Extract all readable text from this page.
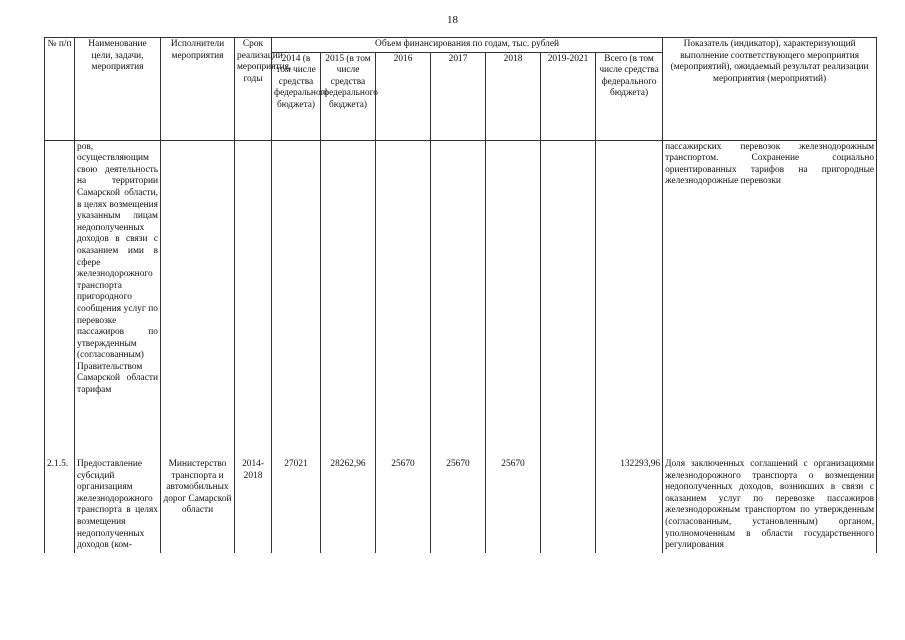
18
№ п/п	Наименование цели, задачи, мероприятия	Исполнители мероприятия	Срок реализации мероприятия, годы	Объем финансирования по годам, тыс. рублей							Показатель (индикатор), характеризующий выполнение соответствующего мероприятия (мероприятий), ожидаемый результат реализации мероприятия (мероприятий)
				2014 (в том числе средства федерального бюджета)	2015 (в том числе средства федерального бюджета)	2016	2017	2018	2019-2021	Всего (в том числе средства федерального бюджета)	
	ров, осуществляющим свою деятельность на территории Самарской области, в целях возмещения указанным лицам недополученных доходов в связи с оказанием ими в сфере железнодорожного транспорта пригородного сообщения услуг по перевозке пассажиров по утвержденным (согласованным) Правительством Самарской области тарифам										пассажирских перевозок железнодорожным транспортом. Сохранение социально ориентированных тарифов на пригородные железнодорожные перевозки
2.1.5.	Предоставление субсидий организациям железнодорожного транспорта в целях возмещения недополученных доходов (ком-	Министерство транспорта и автомобильных дорог Самарской области	2014-2018	27021	28262,96	25670	25670	25670		132293,96	Доля заключенных соглашений с организациями железнодорожного транспорта о возмещении недополученных доходов, возникших в связи с оказанием услуг по перевозке пассажиров железнодорожным транспортом по утвержденным (согласованным, установленным) органом, уполномоченным в области государственного регулирования
